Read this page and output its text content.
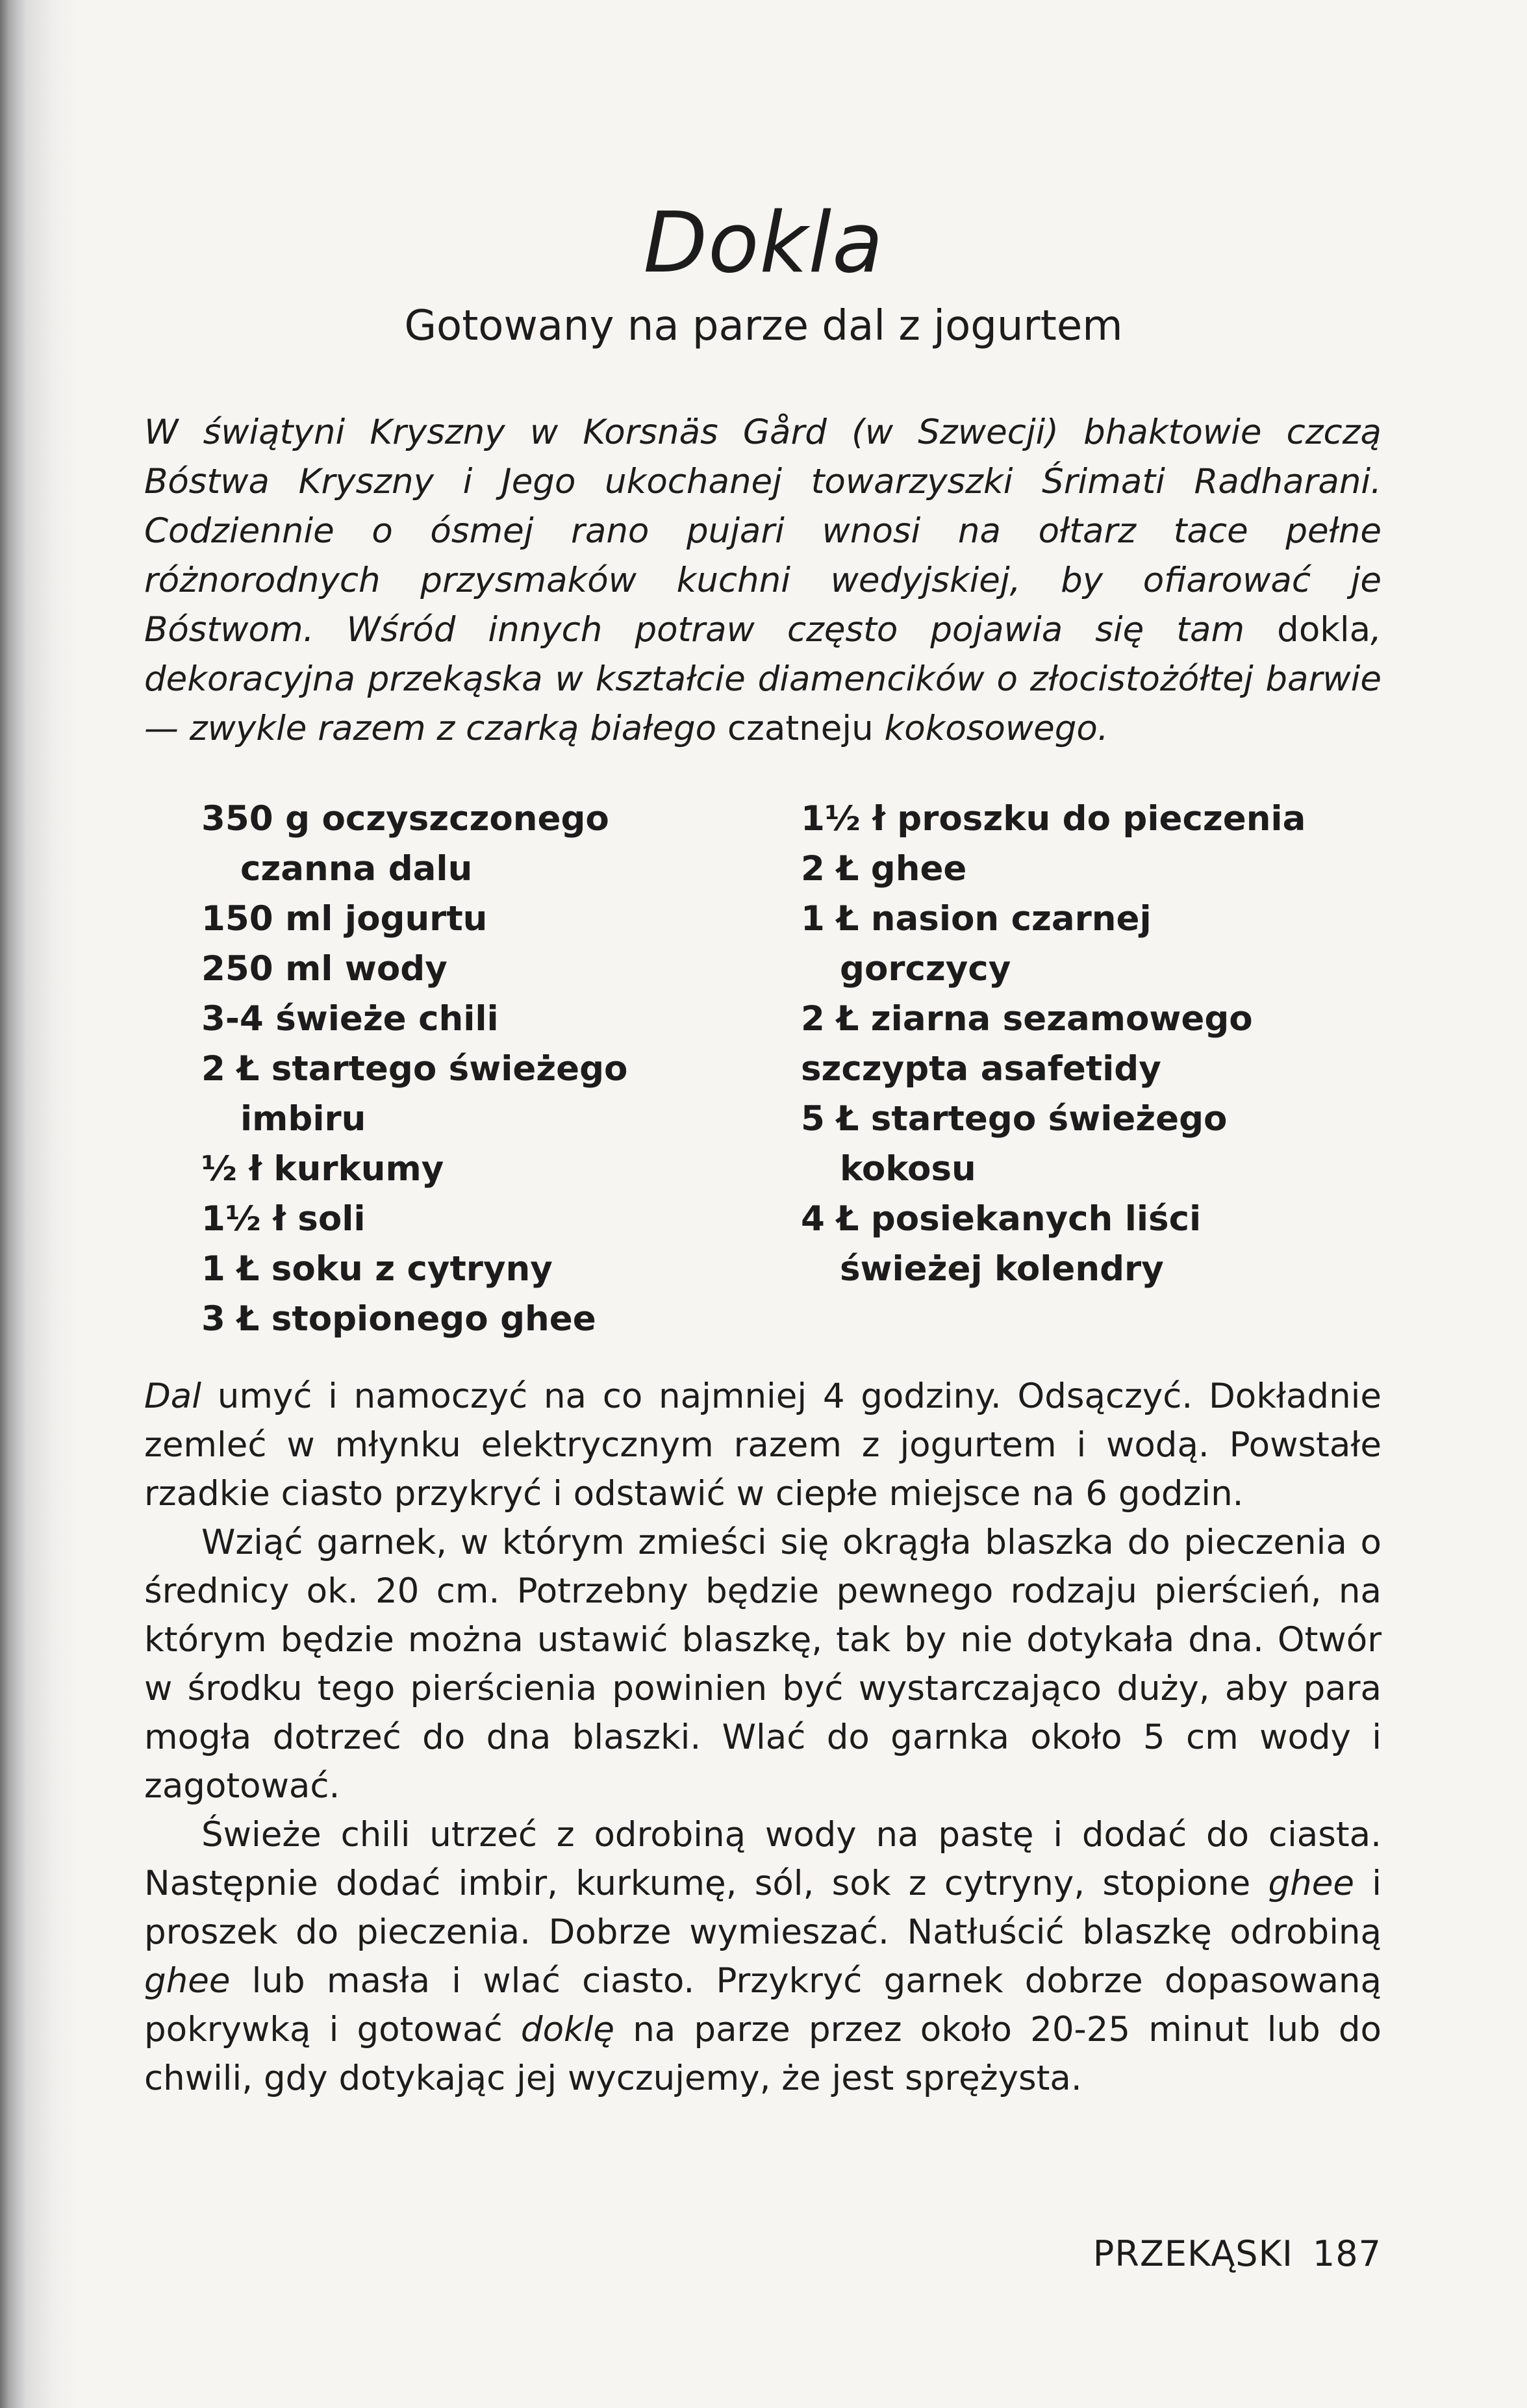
Dokla
Gotowany na parze dal z jogurtem

W świątyni Kryszny w Korsnäs Gård (w Szwecji) bhaktowie czczą Bóstwa Kryszny i Jego ukochanej towarzyszki Śrimati Radharani. Codziennie o ósmej rano pujari wnosi na ołtarz tace pełne różnorodnych przysmaków kuchni wedyjskiej, by ofiarować je Bóstwom. Wśród innych potraw często pojawia się tam dokla, dekoracyjna przekąska w kształcie diamencików o złocistożółtej barwie — zwykle razem z czarką białego czatneju kokosowego.

350 g oczyszczonego czanna dalu
150 ml jogurtu
250 ml wody
3-4 świeże chili
2 Ł startego świeżego imbiru
½ ł kurkumy
1½ ł soli
1 Ł soku z cytryny
3 Ł stopionego ghee
1½ ł proszku do pieczenia
2 Ł ghee
1 Ł nasion czarnej gorczycy
2 Ł ziarna sezamowego
szczypta asafetidy
5 Ł startego świeżego kokosu
4 Ł posiekanych liści świeżej kolendry

Dal umyć i namoczyć na co najmniej 4 godziny. Odsączyć. Dokładnie zemleć w młynku elektrycznym razem z jogurtem i wodą. Powstałe rzadkie ciasto przykryć i odstawić w ciepłe miejsce na 6 godzin.

Wziąć garnek, w którym zmieści się okrągła blaszka do pieczenia o średnicy ok. 20 cm. Potrzebny będzie pewnego rodzaju pierścień, na którym będzie można ustawić blaszkę, tak by nie dotykała dna. Otwór w środku tego pierścienia powinien być wystarczająco duży, aby para mogła dotrzeć do dna blaszki. Wlać do garnka około 5 cm wody i zagotować.

Świeże chili utrzeć z odrobiną wody na pastę i dodać do ciasta. Następnie dodać imbir, kurkumę, sól, sok z cytryny, stopione ghee i proszek do pieczenia. Dobrze wymieszać. Natłuścić blaszkę odrobiną ghee lub masła i wlać ciasto. Przykryć garnek dobrze dopasowaną pokrywką i gotować doklę na parze przez około 20-25 minut lub do chwili, gdy dotykając jej wyczujemy, że jest sprężysta.

PRZEKĄSKI 187
